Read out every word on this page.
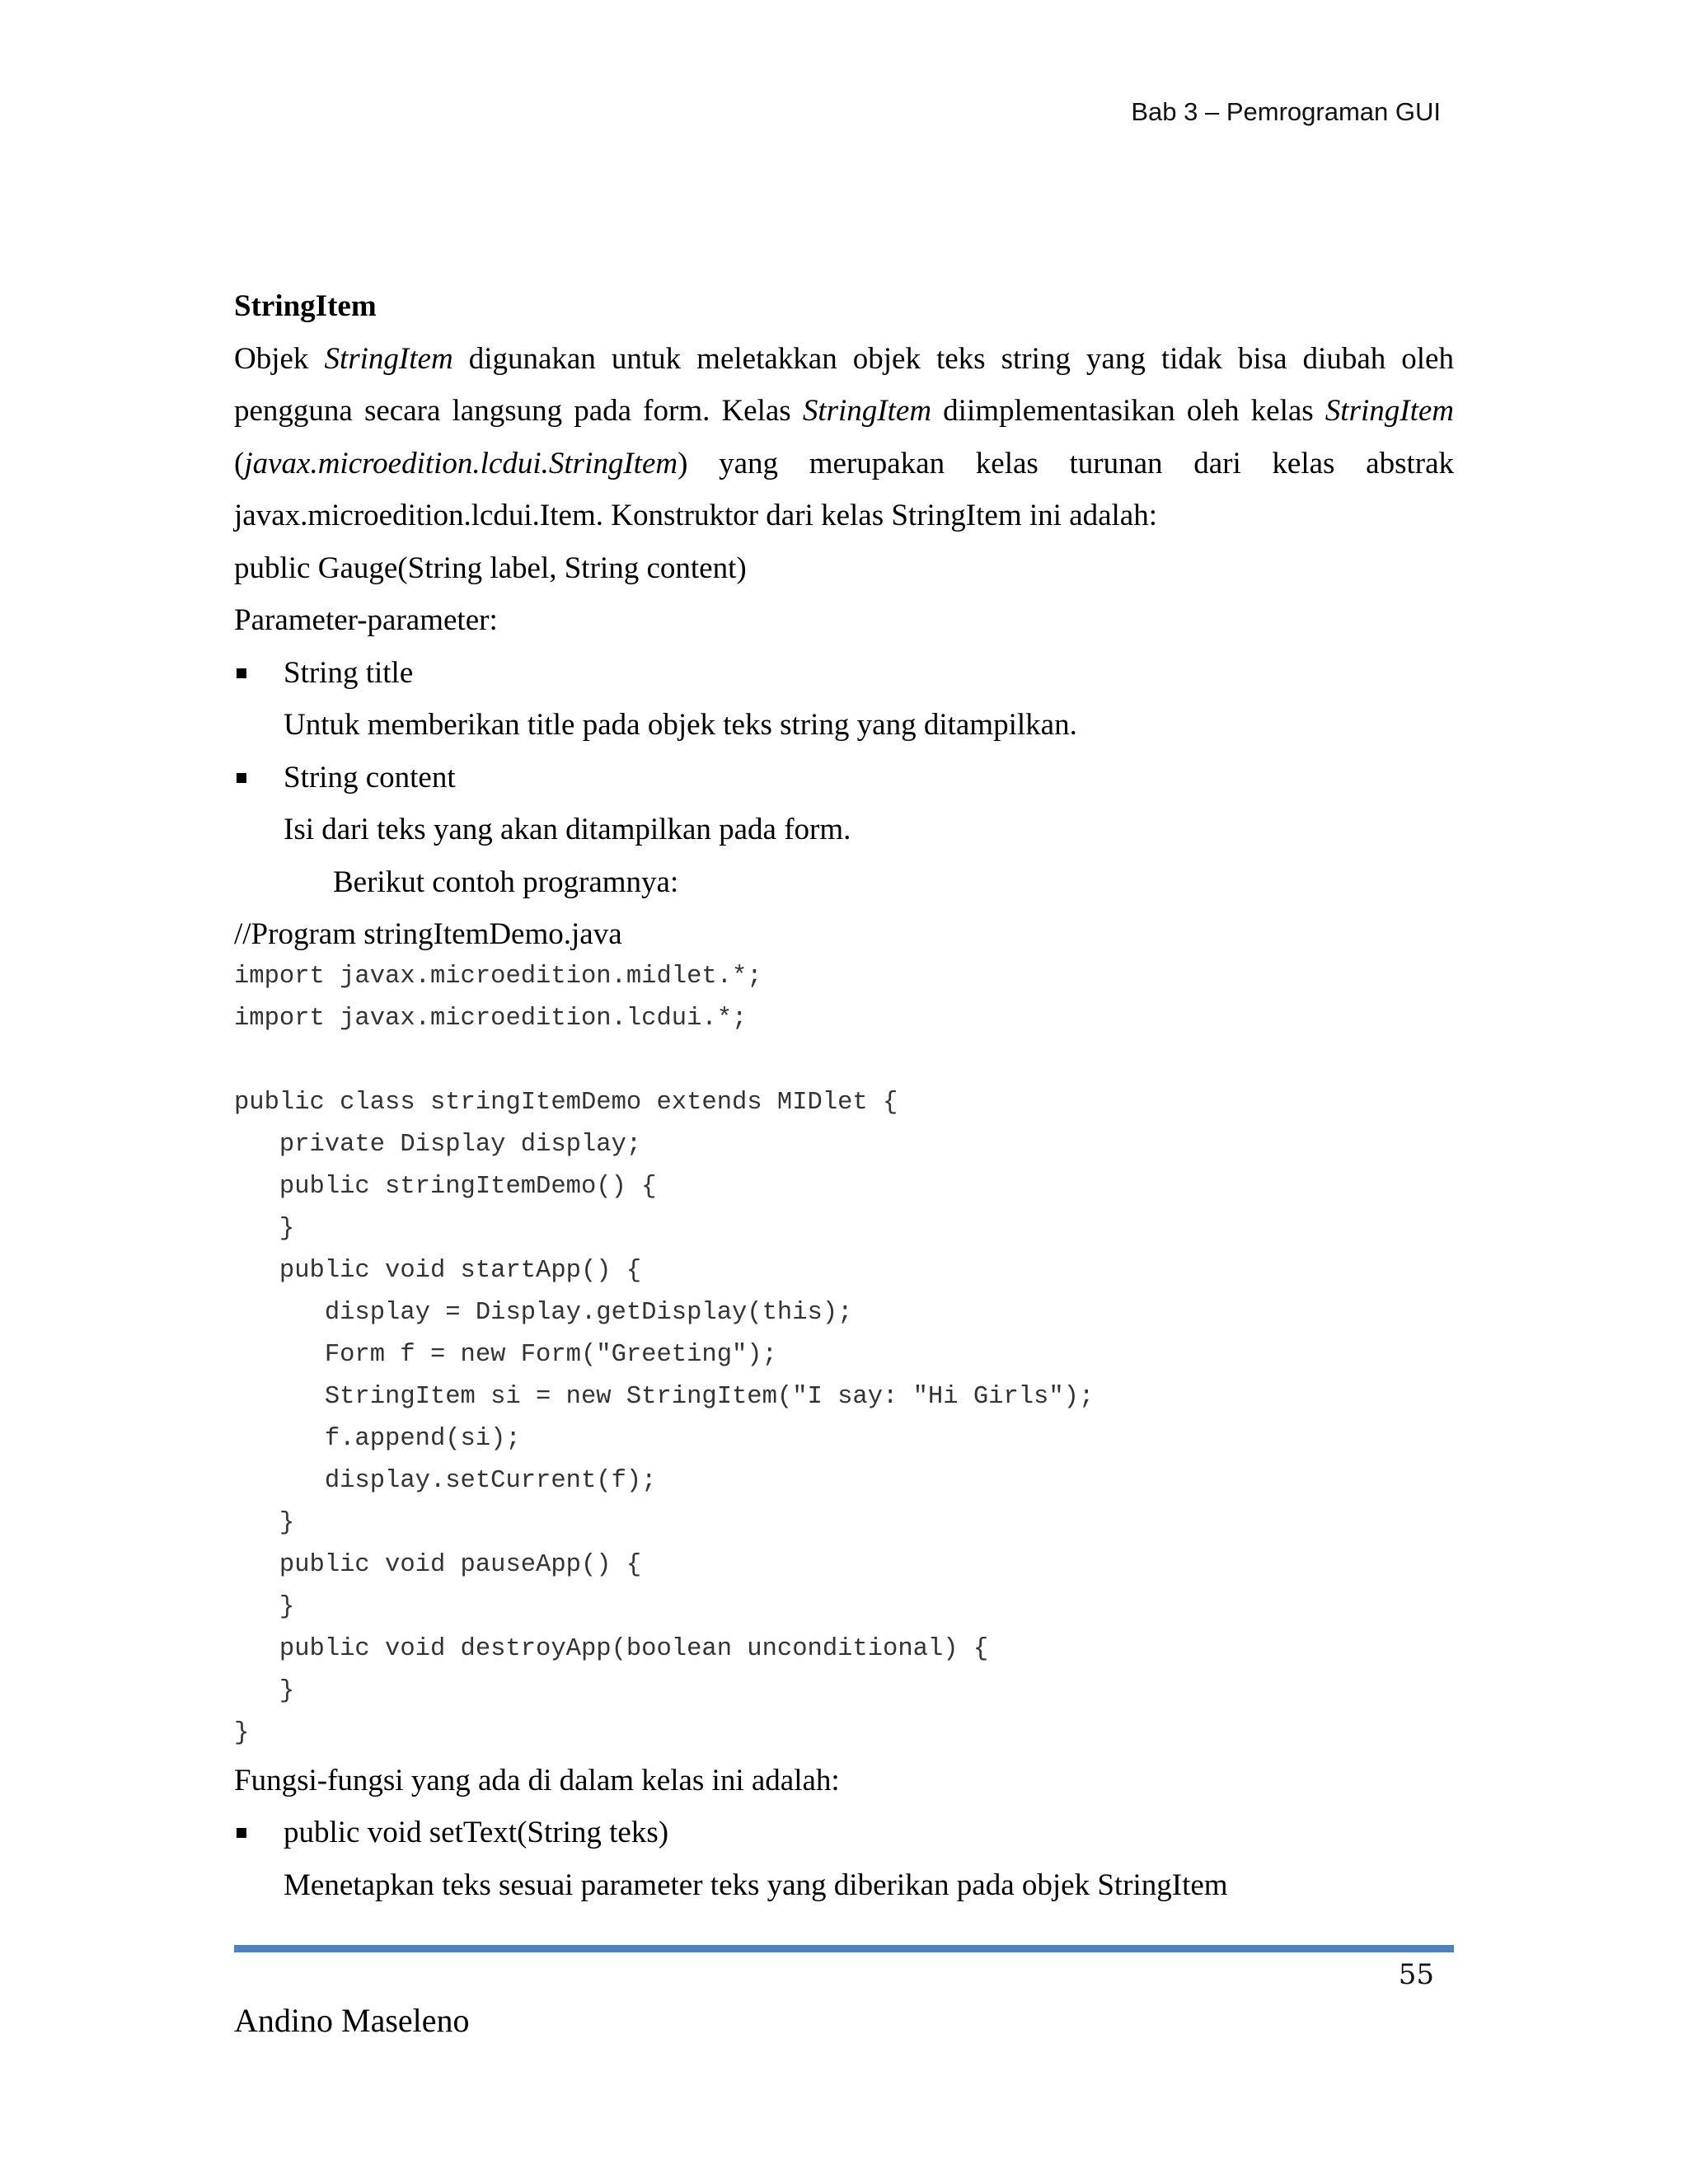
Bab 3 – Pemrograman GUI
StringItem
Objek StringItem digunakan untuk meletakkan objek teks string yang tidak bisa diubah oleh
pengguna secara langsung pada form. Kelas StringItem diimplementasikan oleh kelas StringItem
(javax.microedition.lcdui.StringItem) yang merupakan kelas turunan dari kelas abstrak
javax.microedition.lcdui.Item. Konstruktor dari kelas StringItem ini adalah:
public Gauge(String label, String content)
Parameter-parameter:
String title
Untuk memberikan title pada objek teks string yang ditampilkan.
String content
Isi dari teks yang akan ditampilkan pada form.
Berikut contoh programnya:
//Program stringItemDemo.java
import javax.microedition.midlet.*;
import javax.microedition.lcdui.*;
public class stringItemDemo extends MIDlet {
private Display display;
public stringItemDemo() {
}
public void startApp() {
display = Display.getDisplay(this);
Form f = new Form("Greeting");
StringItem si = new StringItem("I say: "Hi Girls");
f.append(si);
display.setCurrent(f);
}
public void pauseApp() {
}
public void destroyApp(boolean unconditional) {
}
}
Fungsi-fungsi yang ada di dalam kelas ini adalah:
public void setText(String teks)
Menetapkan teks sesuai parameter teks yang diberikan pada objek StringItem
55
Andino Maseleno
